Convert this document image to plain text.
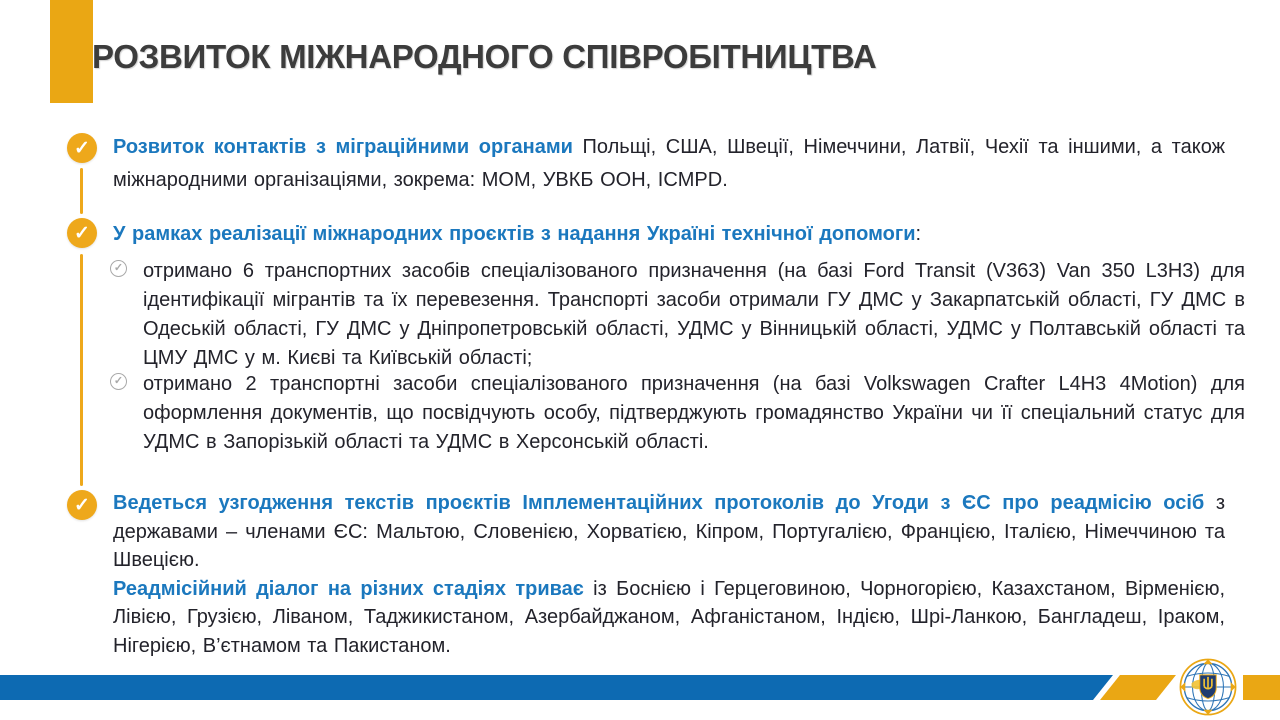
РОЗВИТОК МІЖНАРОДНОГО СПІВРОБІТНИЦТВА
✓ Розвиток контактів з міграційними органами Польщі, США, Швеції, Німеччини, Латвії, Чехії та іншими, а також міжнародними організаціями, зокрема: МОМ, УВКБ ООН, ICMPD.

✓ У рамках реалізації міжнародних проєктів з надання Україні технічної допомоги:

✓ отримано 6 транспортних засобів спеціалізованого призначення (на базі Ford Transit (V363) Van 350 L3H3) для ідентифікації мігрантів та їх перевезення. Транспорті засоби отримали ГУ ДМС у Закарпатській області, ГУ ДМС в Одеській області, ГУ ДМС у Дніпропетровській області, УДМС у Вінницькій області, УДМС у Полтавській області та ЦМУ ДМС у м. Києві та Київській області;

✓ отримано 2 транспортні засоби спеціалізованого призначення (на базі Volkswagen Crafter L4H3 4Motion) для оформлення документів, що посвідчують особу, підтверджують громадянство України чи її спеціальний статус для УДМС в Запорізькій області та УДМС в Херсонській області.

✓ Ведеться узгодження текстів проєктів Імплементаційних протоколів до Угоди з ЄС про реадмісію осіб з державами – членами ЄС: Мальтою, Словенією, Хорватією, Кіпром, Португалією, Францією, Італією, Німеччиною та Швецією.

Реадмісійний діалог на різних стадіях триває із Боснією і Герцеговиною, Чорногорією, Казахстаном, Вірменією, Лівією, Грузією, Ліваном, Таджикистаном, Азербайджаном, Афганістаном, Індією, Шрі-Ланкою, Бангладеш, Іраком, Нігерією, В’єтнамом та Пакистаном.
